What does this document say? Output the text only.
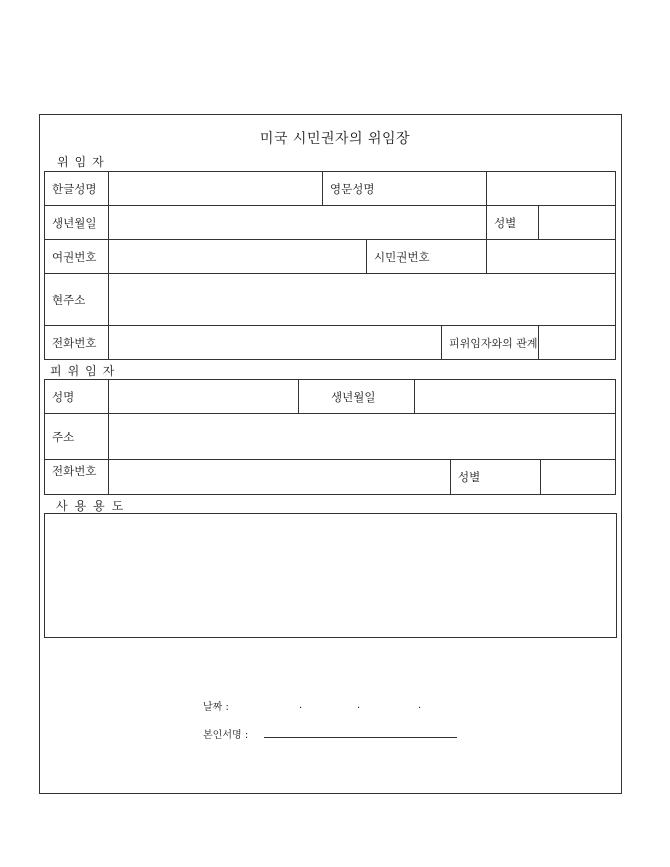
미국 시민권자의 위임장
위임자
한글성명		영문성명				
생년월일					성별	
여권번호			시민권번호			
현주소						
전화번호				피위임자와의 관계		
피위임자
성명		생년월일			
주소					
전화번호				성별	
사용용도
날짜 :	.	.	.
본인서명 :
